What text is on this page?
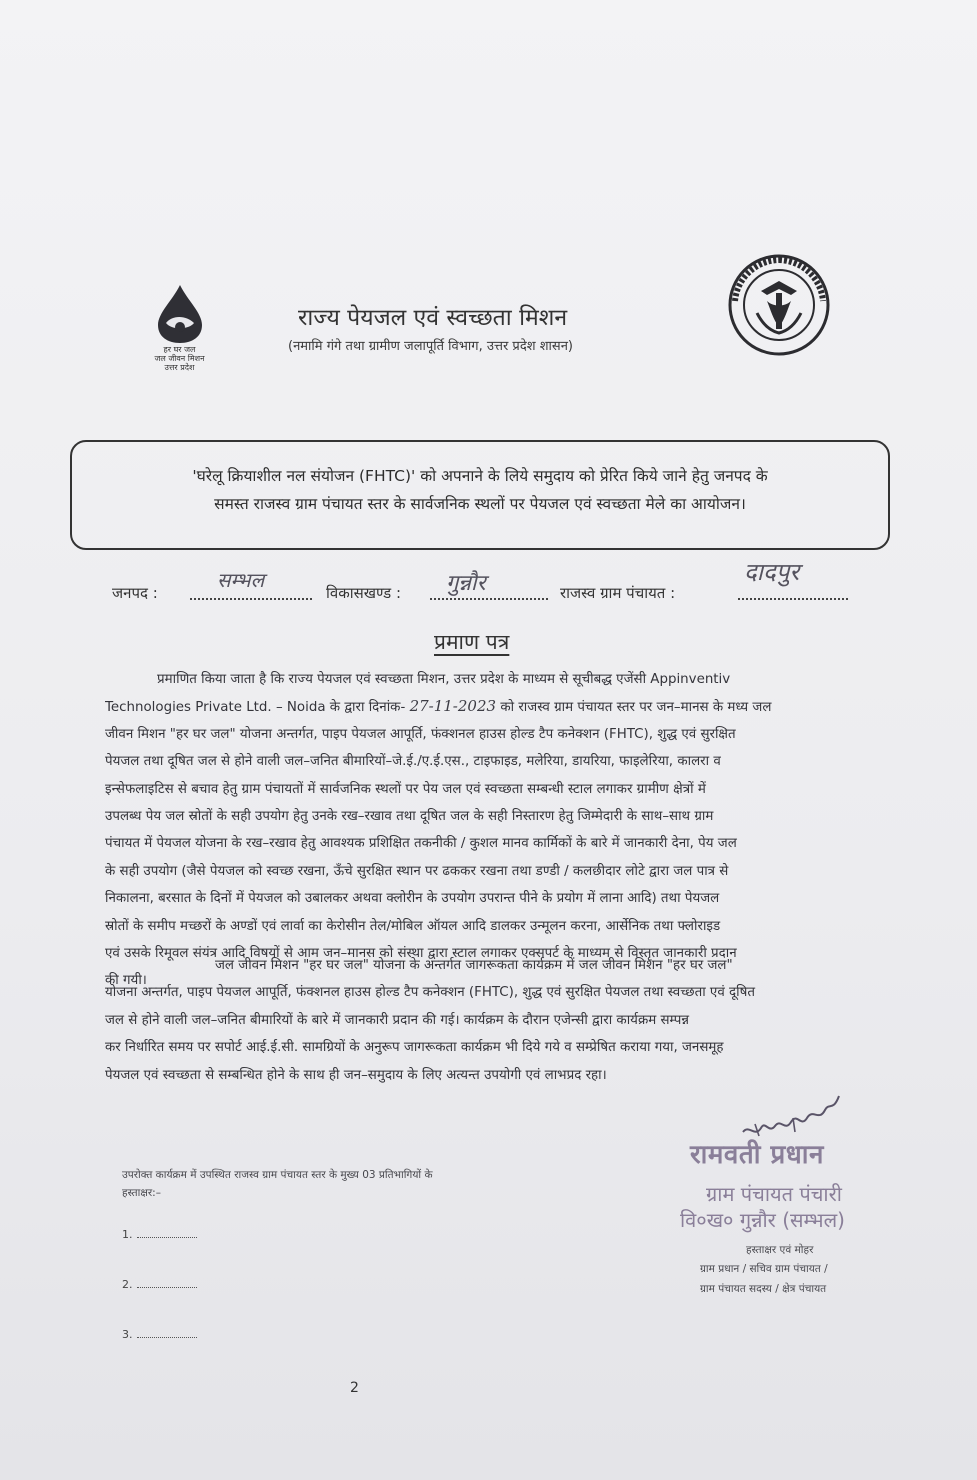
हर घर जल
जल जीवन मिशन
उत्तर प्रदेश
राज्य पेयजल एवं स्वच्छता मिशन
(नमामि गंगे तथा ग्रामीण जलापूर्ति विभाग, उत्तर प्रदेश शासन)
'घरेलू क्रियाशील नल संयोजन (FHTC)' को अपनाने के लिये समुदाय को प्रेरित किये जाने हेतु जनपद के
समस्त राजस्व ग्राम पंचायत स्तर के सार्वजनिक स्थलों पर पेयजल एवं स्वच्छता मेले का आयोजन।
जनपद :
सम्भल
विकासखण्ड : गुन्नौर	राजस्व ग्राम पंचायत :
दादपुर
प्रमाण पत्र
प्रमाणित किया जाता है कि राज्य पेयजल एवं स्वच्छता मिशन, उत्तर प्रदेश के माध्यम से सूचीबद्ध एजेंसी Appinventiv
Technologies Private Ltd. – Noida के द्वारा दिनांक- 27-11-2023 को राजस्व ग्राम पंचायत स्तर पर जन–मानस के मध्य जल
जीवन मिशन "हर घर जल" योजना अन्तर्गत, पाइप पेयजल आपूर्ति, फंक्शनल हाउस होल्ड टैप कनेक्शन (FHTC), शुद्ध एवं सुरक्षित
पेयजल तथा दूषित जल से होने वाली जल–जनित बीमारियों–जे.ई./ए.ई.एस., टाइफाइड, मलेरिया, डायरिया, फाइलेरिया, कालरा व
इन्सेफलाइटिस से बचाव हेतु ग्राम पंचायतों में सार्वजनिक स्थलों पर पेय जल एवं स्वच्छता सम्बन्धी स्टाल लगाकर ग्रामीण क्षेत्रों में
उपलब्ध पेय जल स्रोतों के सही उपयोग हेतु उनके रख–रखाव तथा दूषित जल के सही निस्तारण हेतु जिम्मेदारी के साथ–साथ ग्राम
पंचायत में पेयजल योजना के रख–रखाव हेतु आवश्यक प्रशिक्षित तकनीकी / कुशल मानव कार्मिकों के बारे में जानकारी देना, पेय जल
के सही उपयोग (जैसे पेयजल को स्वच्छ रखना, ऊँचे सुरक्षित स्थान पर ढककर रखना तथा डण्डी / कलछीदार लोटे द्वारा जल पात्र से
निकालना, बरसात के दिनों में पेयजल को उबालकर अथवा क्लोरीन के उपयोग उपरान्त पीने के प्रयोग में लाना आदि) तथा पेयजल
स्रोतों के समीप मच्छरों के अण्डों एवं लार्वा का केरोसीन तेल/मोबिल ऑयल आदि डालकर उन्मूलन करना, आर्सेनिक तथा फ्लोराइड
एवं उसके रिमूवल संयंत्र आदि विषयों से आम जन–मानस को संस्था द्वारा स्टाल लगाकर एक्सपर्ट के माध्यम से विस्तृत जानकारी प्रदान
की गयी।
जल जीवन मिशन "हर घर जल" योजना के अन्तर्गत जागरूकता कार्यक्रम में जल जीवन मिशन "हर घर जल"
योजना अन्तर्गत, पाइप पेयजल आपूर्ति, फंक्शनल हाउस होल्ड टैप कनेक्शन (FHTC), शुद्ध एवं सुरक्षित पेयजल तथा स्वच्छता एवं दूषित
जल से होने वाली जल–जनित बीमारियों के बारे में जानकारी प्रदान की गई। कार्यक्रम के दौरान एजेन्सी द्वारा कार्यक्रम सम्पन्न
कर निर्धारित समय पर सपोर्ट आई.ई.सी. सामग्रियों के अनुरूप जागरूकता कार्यक्रम भी दिये गये व सम्प्रेषित कराया गया, जनसमूह
पेयजल एवं स्वच्छता से सम्बन्धित होने के साथ ही जन–समुदाय के लिए अत्यन्त उपयोगी एवं लाभप्रद रहा।
उपरोक्त कार्यक्रम में उपस्थित राजस्व ग्राम पंचायत स्तर के मुख्य 03 प्रतिभागियों के
हस्ताक्षर:–
1.
2.
3.
रामवती प्रधान
ग्राम पंचायत पंचारी
वि०ख० गुन्नौर (सम्भल)
हस्ताक्षर एवं मोहर
ग्राम प्रधान / सचिव ग्राम पंचायत /
ग्राम पंचायत सदस्य / क्षेत्र पंचायत
2
